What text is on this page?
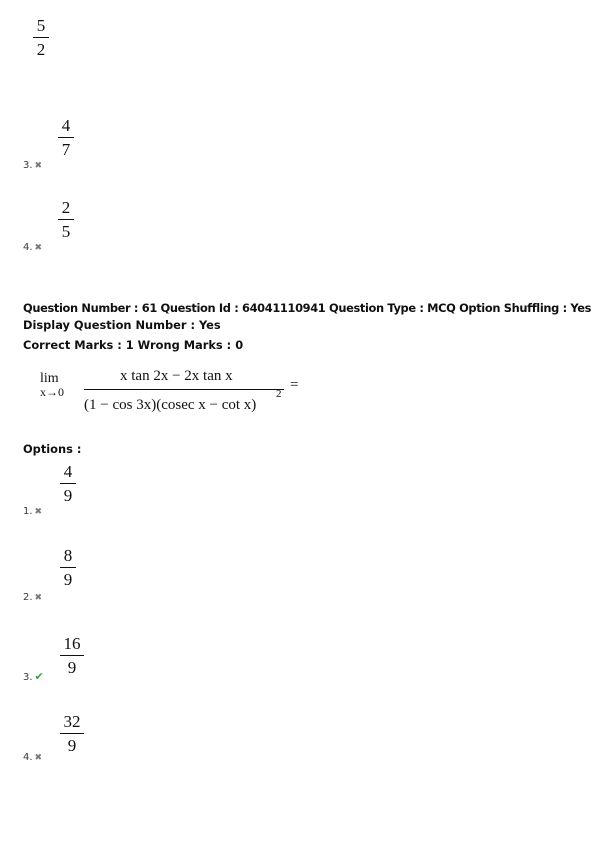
5
2
4
7
3. ✖
2
5
4. ✖
Question Number : 61 Question Id : 64041110941 Question Type : MCQ Option Shuffling : Yes
Display Question Number : Yes
Correct Marks : 1 Wrong Marks : 0
lim
x→0
x tan 2x − 2x tan x
(1 − cos 3x)(cosec x − cot x)
2
=
Options :
4
9
1. ✖
8
9
2. ✖
16
9
3. ✔
32
9
4. ✖
